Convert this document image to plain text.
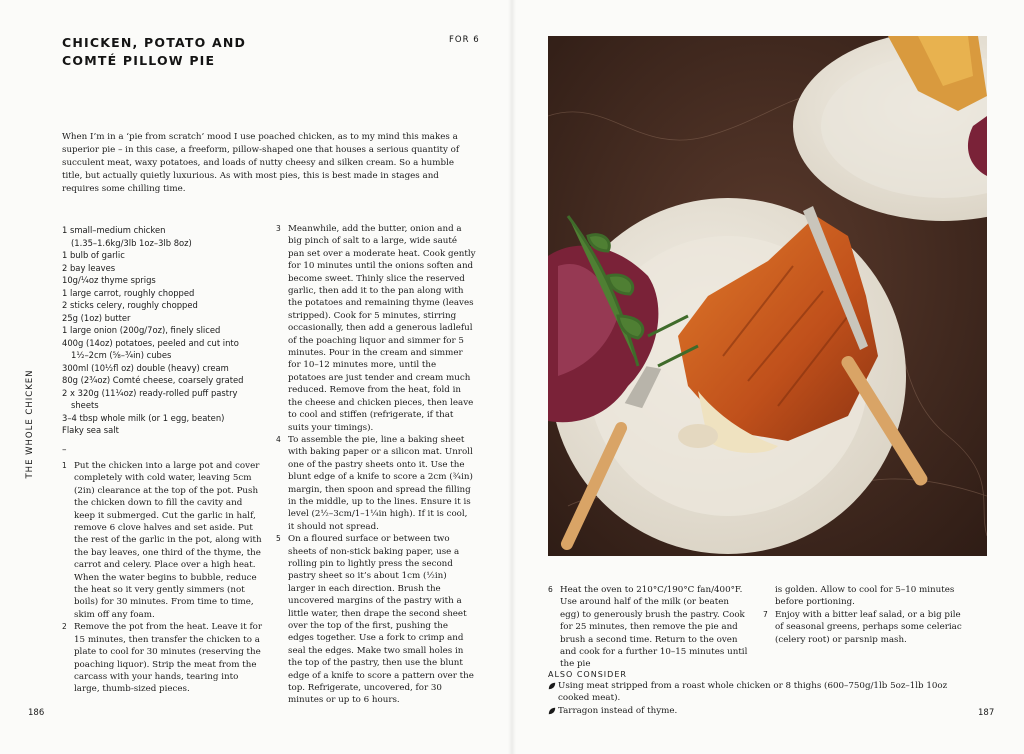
CHICKEN, POTATO AND
COMTÉ PILLOW PIE
FOR 6

When I’m in a ‘pie from scratch’ mood I use poached chicken, as to my mind this makes a superior pie – in this case, a freeform, pillow-shaped one that houses a serious quantity of succulent meat, waxy potatoes, and loads of nutty cheesy and silken cream. So a humble title, but actually quietly luxurious. As with most pies, this is best made in stages and requires some chilling time.

THE WHOLE CHICKEN
1 small–medium chicken
(1.35–1.6kg/3lb 1oz–3lb 8oz)
1 bulb of garlic
2 bay leaves
10g/¼oz thyme sprigs
1 large carrot, roughly chopped
2 sticks celery, roughly chopped
25g (1oz) butter
1 large onion (200g/7oz), finely sliced
400g (14oz) potatoes, peeled and cut into
1½–2cm (⅝–¾in) cubes
300ml (10½fl oz) double (heavy) cream
80g (2¾oz) Comté cheese, coarsely grated
2 x 320g (11¼oz) ready-rolled puff pastry
sheets
3–4 tbsp whole milk (or 1 egg, beaten)
Flaky sea salt
–
1 Put the chicken into a large pot and cover completely with cold water, leaving 5cm (2in) clearance at the top of the pot. Push the chicken down to fill the cavity and keep it submerged. Cut the garlic in half, remove 6 clove halves and set aside. Put the rest of the garlic in the pot, along with the bay leaves, one third of the thyme, the carrot and celery. Place over a high heat. When the water begins to bubble, reduce the heat so it very gently simmers (not boils) for 30 minutes. From time to time, skim off any foam.
2 Remove the pot from the heat. Leave it for 15 minutes, then transfer the chicken to a plate to cool for 30 minutes (reserving the poaching liquor). Strip the meat from the carcass with your hands, tearing into large, thumb-sized pieces.
3 Meanwhile, add the butter, onion and a big pinch of salt to a large, wide sauté pan set over a moderate heat. Cook gently for 10 minutes until the onions soften and become sweet. Thinly slice the reserved garlic, then add it to the pan along with the potatoes and remaining thyme (leaves stripped). Cook for 5 minutes, stirring occasionally, then add a generous ladleful of the poaching liquor and simmer for 5 minutes. Pour in the cream and simmer for 10–12 minutes more, until the potatoes are just tender and cream much reduced. Remove from the heat, fold in the cheese and chicken pieces, then leave to cool and stiffen (refrigerate, if that suits your timings).
4 To assemble the pie, line a baking sheet with baking paper or a silicon mat. Unroll one of the pastry sheets onto it. Use the blunt edge of a knife to score a 2cm (¾in) margin, then spoon and spread the filling in the middle, up to the lines. Ensure it is level (2½–3cm/1–1¼in high). If it is cool, it should not spread.
5 On a floured surface or between two sheets of non-stick baking paper, use a rolling pin to lightly press the second pastry sheet so it’s about 1cm (½in) larger in each direction. Brush the uncovered margins of the pastry with a little water, then drape the second sheet over the top of the first, pushing the edges together. Use a fork to crimp and seal the edges. Make two small holes in the top of the pastry, then use the blunt edge of a knife to score a pattern over the top. Refrigerate, uncovered, for 30 minutes or up to 6 hours.
6 Heat the oven to 210°C/190°C fan/400°F. Use around half of the milk (or beaten egg) to generously brush the pastry. Cook for 25 minutes, then remove the pie and brush a second time. Return to the oven and cook for a further 10–15 minutes until the pie
is golden. Allow to cool for 5–10 minutes before portioning.
7 Enjoy with a bitter leaf salad, or a big pile of seasonal greens, perhaps some celeriac (celery root) or parsnip mash.
ALSO CONSIDER
Using meat stripped from a roast whole chicken or 8 thighs (600–750g/1lb 5oz–1lb 10oz cooked meat).
Tarragon instead of thyme.
186	187
